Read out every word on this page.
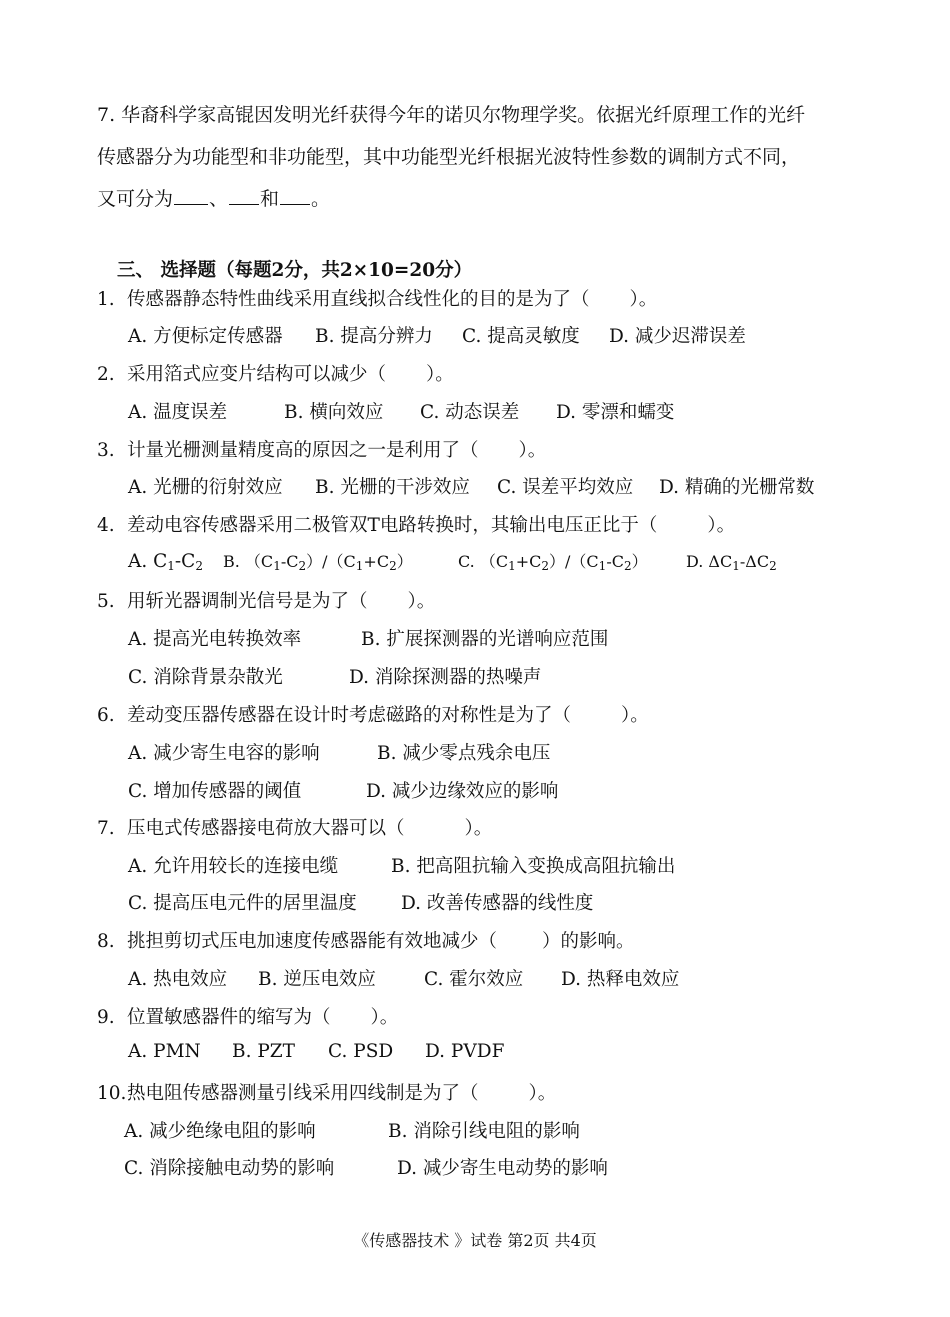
7. 华裔科学家高锟因发明光纤获得今年的诺贝尔物理学奖。依据光纤原理工作的光纤
传感器分为功能型和非功能型，其中功能型光纤根据光波特性参数的调制方式不同，
又可分为 、 和 。
三、 选择题（每题2分，共2×10=20分）
1. 传感器静态特性曲线采用直线拟合线性化的目的是为了（ ）。
A. 方便标定传感器 B. 提高分辨力 C. 提高灵敏度 D. 减少迟滞误差
2. 采用箔式应变片结构可以减少（ ）。
A. 温度误差	B. 横向效应 C. 动态误差 D. 零漂和蠕变
3. 计量光栅测量精度高的原因之一是利用了（ ）。
A. 光栅的衍射效应 B. 光栅的干涉效应 C. 误差平均效应 D. 精确的光栅常数
4. 差动电容传感器采用二极管双T电路转换时，其输出电压正比于（	）。
A. $C_1-C_2$ B. $(C_1-C_2)/(C_1+C_2)$	C. $(C_1+C_2)/(C_1-C_2)$ D. $\Delta C_1-\Delta C_2$
5. 用斩光器调制光信号是为了（ ）。
A. 提高光电转换效率	B. 扩展探测器的光谱响应范围
C. 消除背景杂散光	D. 消除探测器的热噪声
6. 差动变压器传感器在设计时考虑磁路的对称性是为了（	）。
A. 减少寄生电容的影响	B. 减少零点残余电压
C. 增加传感器的阈值	D. 减少边缘效应的影响
7. 压电式传感器接电荷放大器可以（	）。
A. 允许用较长的连接电缆	B. 把高阻抗输入变换成高阻抗输出
C. 提高压电元件的居里温度 D. 改善传感器的线性度
8. 挑担剪切式压电加速度传感器能有效地减少（ ）的影响。
A. 热电效应 B. 逆压电效应	C. 霍尔效应 D. 热释电效应
9. 位置敏感器件的缩写为（ ）。
A. PMN B. PZT C. PSD D. PVDF
10.热电阻传感器测量引线采用四线制是为了（	）。
A. 减少绝缘电阻的影响	B. 消除引线电阻的影响
C. 消除接触电动势的影响	D. 减少寄生电动势的影响
《传感器技术 》试卷 第2页 共4页
